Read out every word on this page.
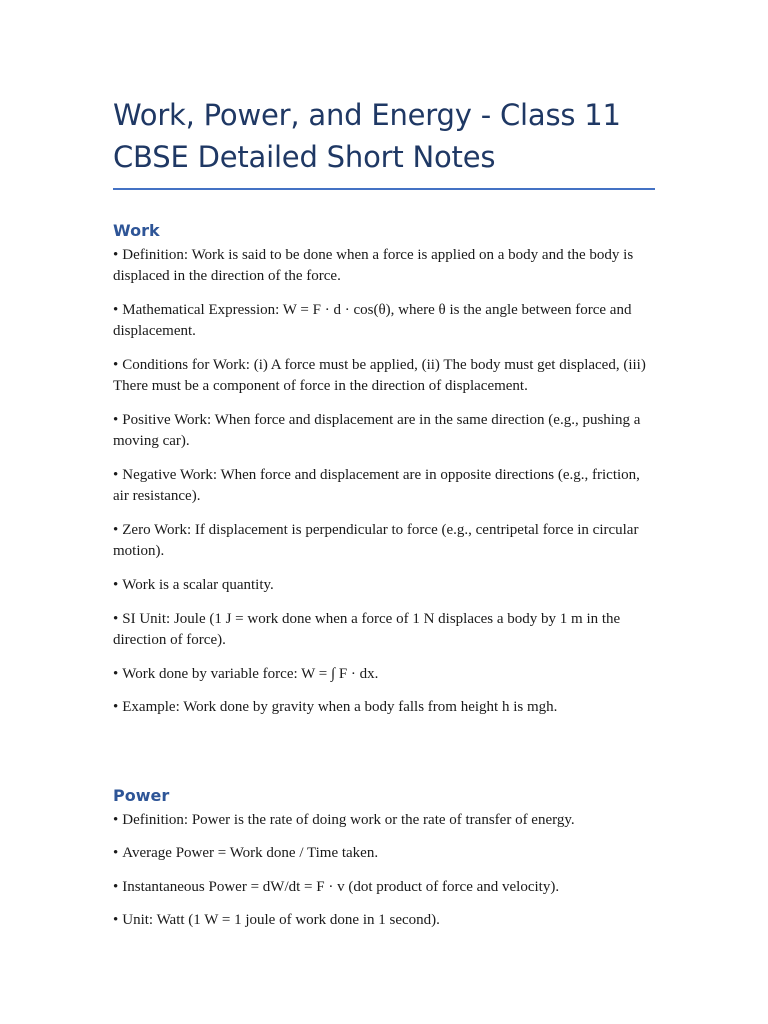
Work, Power, and Energy - Class 11 CBSE Detailed Short Notes
Work

• Definition: Work is said to be done when a force is applied on a body and the body is displaced in the direction of the force.

• Mathematical Expression: W = F · d · cos(θ), where θ is the angle between force and displacement.

• Conditions for Work: (i) A force must be applied, (ii) The body must get displaced, (iii) There must be a component of force in the direction of displacement.

• Positive Work: When force and displacement are in the same direction (e.g., pushing a moving car).

• Negative Work: When force and displacement are in opposite directions (e.g., friction, air resistance).

• Zero Work: If displacement is perpendicular to force (e.g., centripetal force in circular motion).

• Work is a scalar quantity.

• SI Unit: Joule (1 J = work done when a force of 1 N displaces a body by 1 m in the direction of force).

• Work done by variable force: W = ∫ F · dx.

• Example: Work done by gravity when a body falls from height h is mgh.

Power

• Definition: Power is the rate of doing work or the rate of transfer of energy.

• Average Power = Work done / Time taken.

• Instantaneous Power = dW/dt = F · v (dot product of force and velocity).

• Unit: Watt (1 W = 1 joule of work done in 1 second).
